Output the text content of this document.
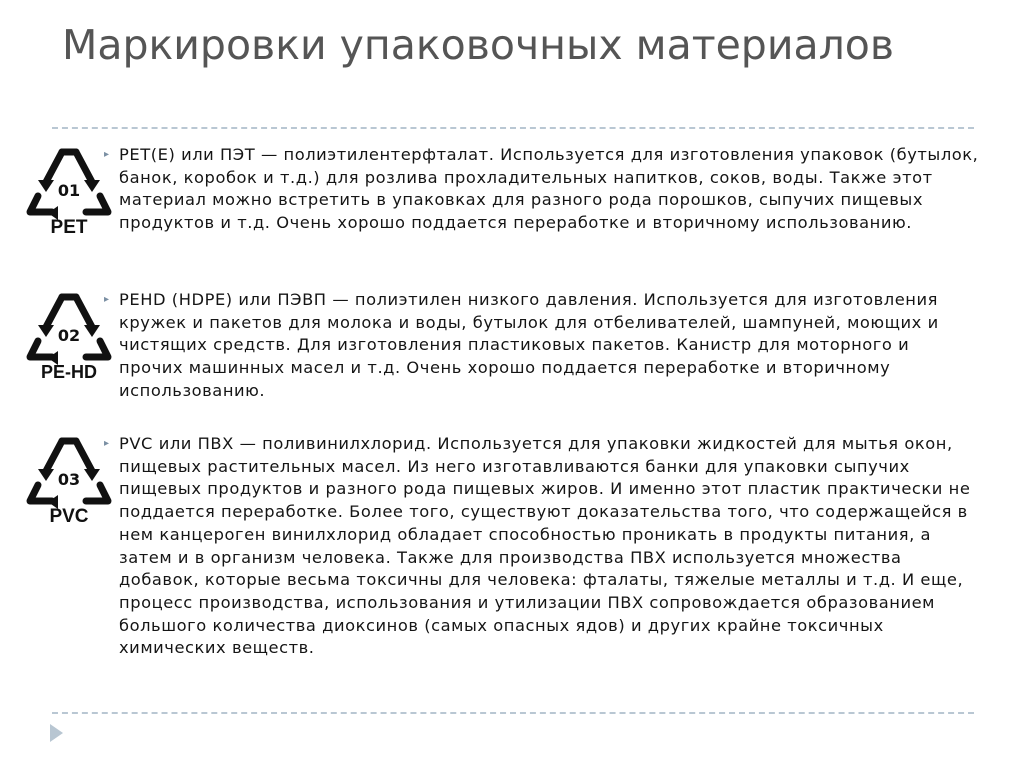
Маркировки упаковочных материалов
01
PET
▸ PET(E) или ПЭТ — полиэтилентерфталат. Используется для изготовления упаковок (бутылок, банок, коробок и т.д.) для розлива прохладительных напитков, соков, воды. Также этот материал можно встретить в упаковках для разного рода порошков, сыпучих пищевых продуктов и т.д. Очень хорошо поддается переработке и вторичному использованию.

02
PE-HD
▸ PEHD (HDPE) или ПЭВП — полиэтилен низкого давления. Используется для изготовления кружек и пакетов для молока и воды, бутылок для отбеливателей, шампуней, моющих и чистящих средств. Для изготовления пластиковых пакетов. Канистр для моторного и прочих машинных масел и т.д. Очень хорошо поддается переработке и вторичному использованию.

03
PVC
▸ PVC или ПВХ — поливинилхлорид. Используется для упаковки жидкостей для мытья окон, пищевых растительных масел. Из него изготавливаются банки для упаковки сыпучих пищевых продуктов и разного рода пищевых жиров. И именно этот пластик практически не поддается переработке. Более того, существуют доказательства того, что содержащейся в нем канцероген винилхлорид обладает способностью проникать в продукты питания, а затем и в организм человека. Также для производства ПВХ используется множества добавок, которые весьма токсичны для человека: фталаты, тяжелые металлы и т.д. И еще, процесс производства, использования и утилизации ПВХ сопровождается образованием большого количества диоксинов (самых опасных ядов) и других крайне токсичных химических веществ.
